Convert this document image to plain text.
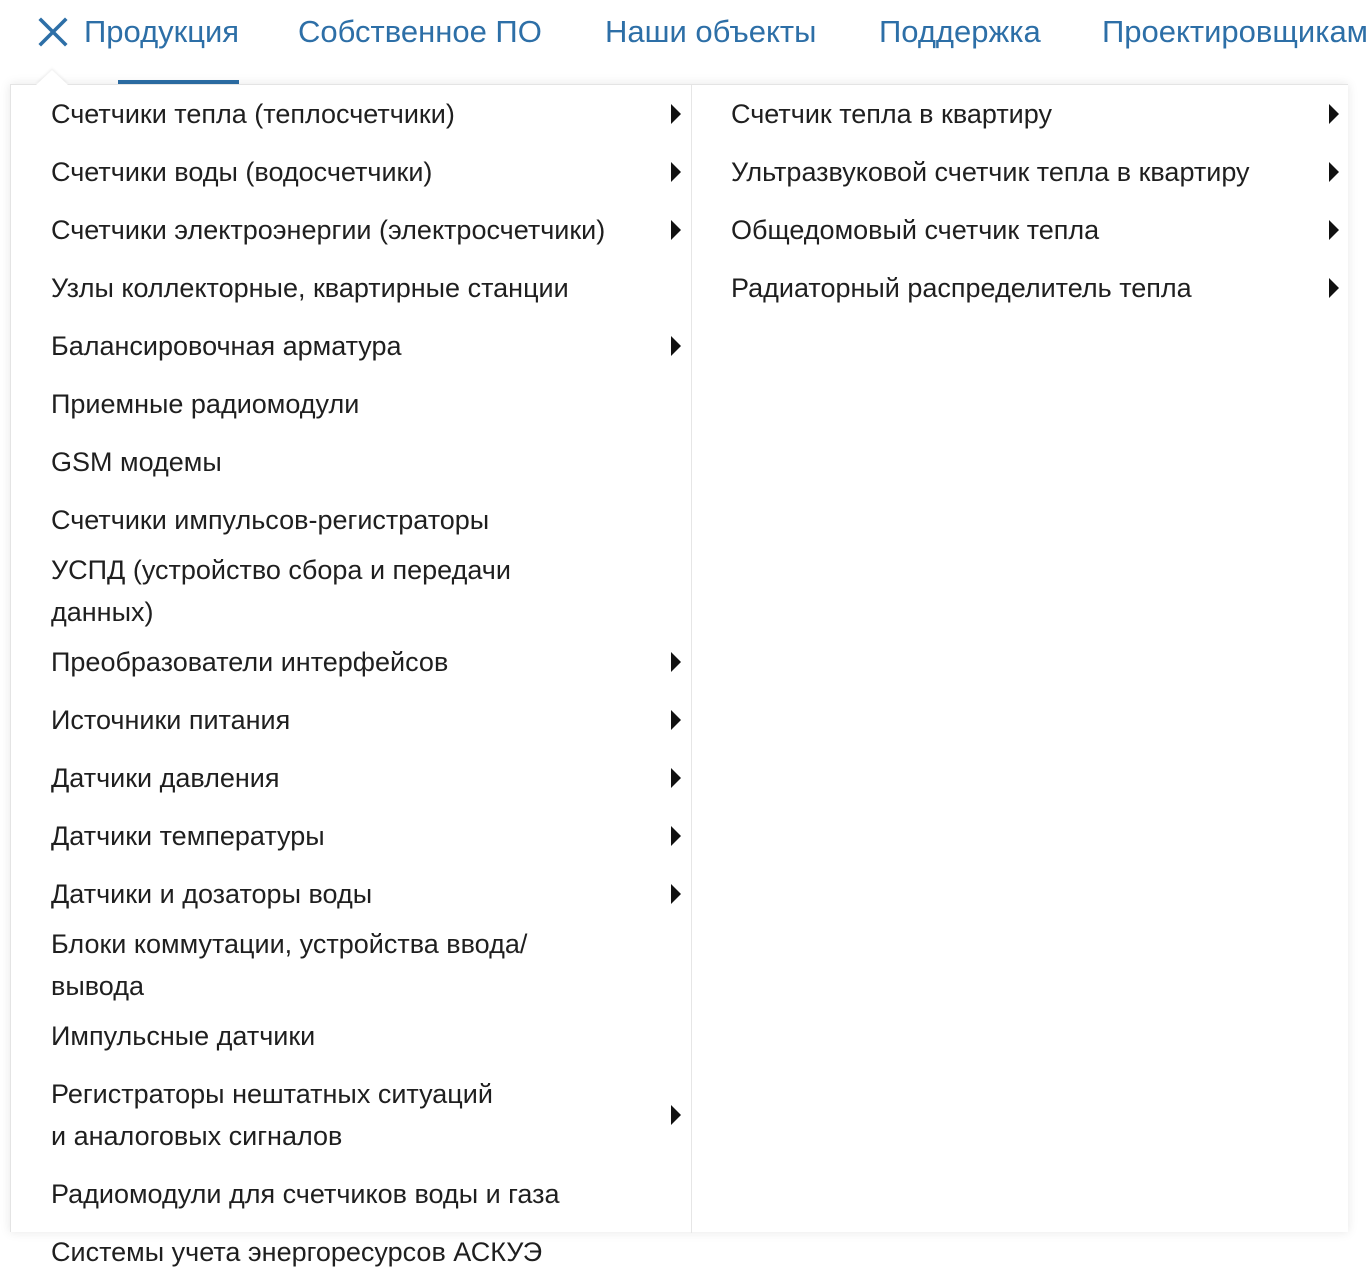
Продукция Собственное ПО Наши объекты Поддержка Проектировщикам
Счетчики тепла (теплосчетчики)
Счетчики воды (водосчетчики)
Счетчики электроэнергии (электросчетчики)
Узлы коллекторные, квартирные станции
Балансировочная арматура
Приемные радиомодули
GSM модемы
Счетчики импульсов-регистраторы
УСПД (устройство сбора и передачи данных)
Преобразователи интерфейсов
Источники питания
Датчики давления
Датчики температуры
Датчики и дозаторы воды
Блоки коммутации, устройства ввода/вывода
Импульсные датчики
Регистраторы нештатных ситуаций и аналоговых сигналов
Радиомодули для счетчиков воды и газа
Системы учета энергоресурсов АСКУЭ
Счетчик тепла в квартиру
Ультразвуковой счетчик тепла в квартиру
Общедомовый счетчик тепла
Радиаторный распределитель тепла
